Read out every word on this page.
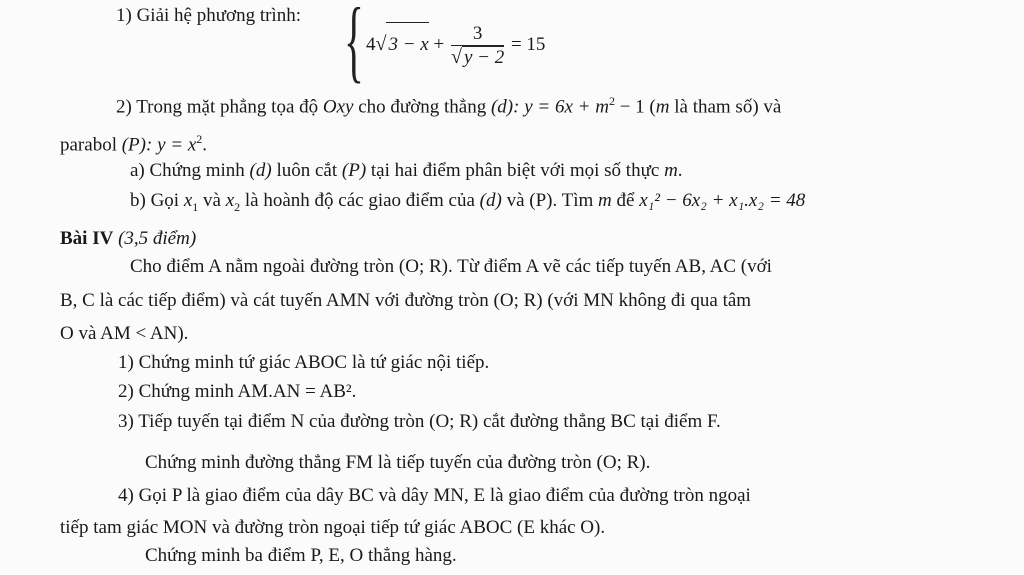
{
1) Giải hệ phương trình:
4√ $3 - x + \frac{3}{√ y - 2} = 15$
2) Trong mặt phẳng tọa độ Oxy cho đường thẳng (d): $y = 6x + m^2 - 1$ (m là tham số) và
parabol (P): $y = x^2$.
a) Chứng minh (d) luôn cắt (P) tại hai điểm phân biệt với mọi số thực m.
b) Gọi $x_1$ và $x_2$ là hoành độ các giao điểm của (d) và (P). Tìm m để x₁² − 6x₂ + x₁.x₂ = 48
Bài IV (3,5 điểm)
Cho điểm A nằm ngoài đường tròn (O; R). Từ điểm A vẽ các tiếp tuyến AB, AC (với
B, C là các tiếp điểm) và cát tuyến AMN với đường tròn (O; R) (với MN không đi qua tâm
O và AM < AN).
1) Chứng minh tứ giác ABOC là tứ giác nội tiếp.
2) Chứng minh AM.AN = AB².
3) Tiếp tuyến tại điểm N của đường tròn (O; R) cắt đường thẳng BC tại điểm F.
Chứng minh đường thẳng FM là tiếp tuyến của đường tròn (O; R).
4) Gọi P là giao điểm của dây BC và dây MN, E là giao điểm của đường tròn ngoại
tiếp tam giác MON và đường tròn ngoại tiếp tứ giác ABOC (E khác O).
Chứng minh ba điểm P, E, O thẳng hàng.
